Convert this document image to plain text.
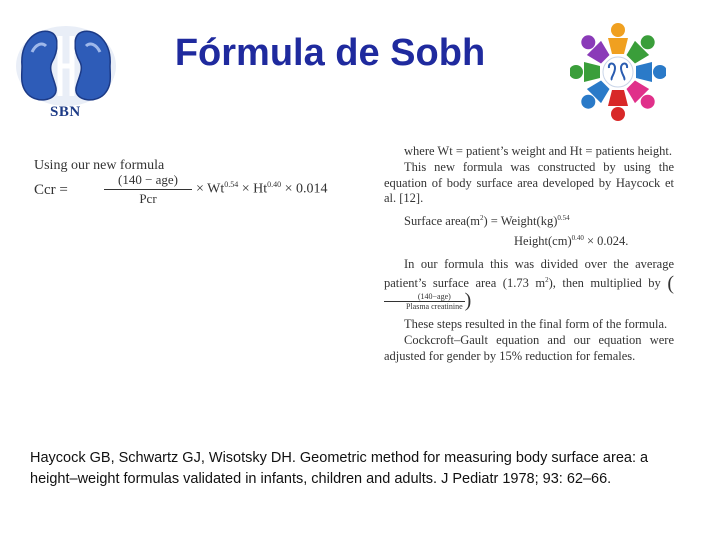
SBN
Fórmula de Sobh
Using our new formula
Ccr =
(140 − age)
Pcr
× $Wt^{0.54} \times Ht^{0.40} \times 0.014$

where Wt = patient’s weight and Ht = patients height.

This new formula was constructed by using the equation of body surface area developed by Haycock et al. [12].

Surface $area(m^2)$ = Weight(kg)$^{0.54}$
Height(cm)$^{0.40}$ × 0.024.

In our formula this was divided over the average patient’s surface area (1.73 $m^2$), then multiplied by (
$\frac{\text{(140−age)}}{\text{Plasma creatinine}}$ )

These steps resulted in the final form of the formula.

Cockcroft–Gault equation and our equation were adjusted for gender by 15% reduction for females.

Haycock GB, Schwartz GJ, Wisotsky DH. Geometric method for measuring body surface area: a height–weight formulas validated in infants, children and adults. J Pediatr 1978; 93: 62–66.
